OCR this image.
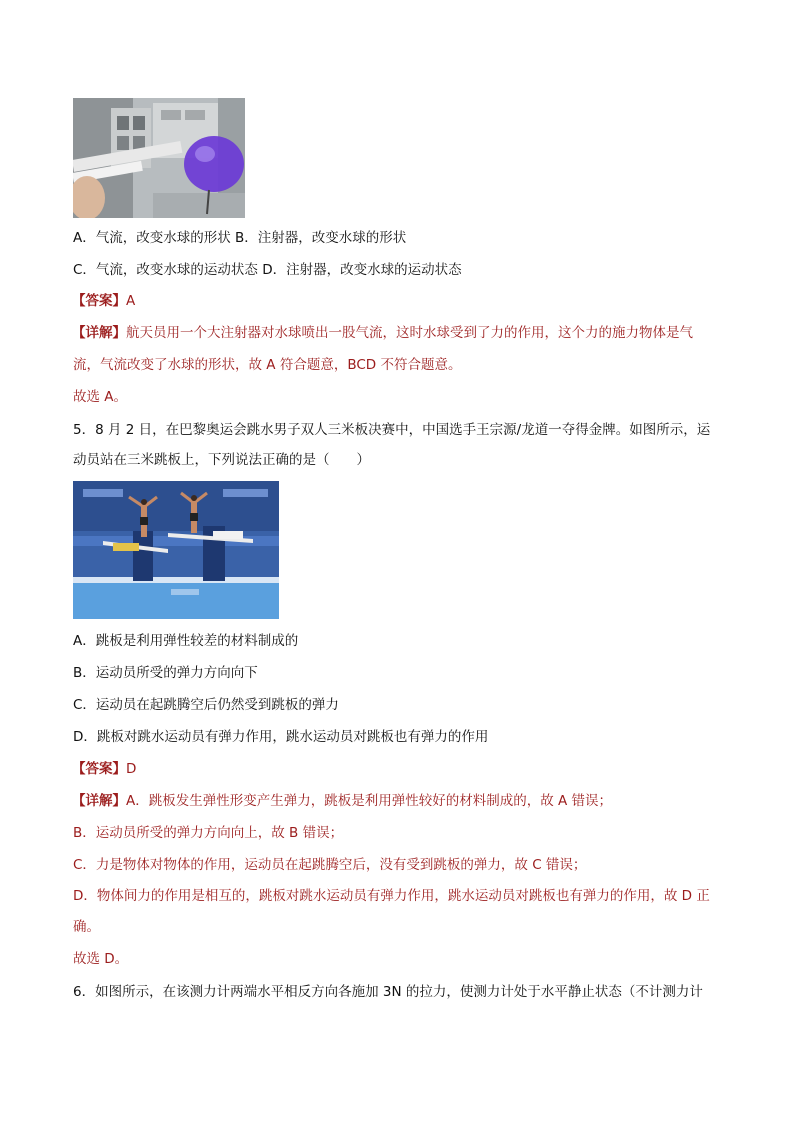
A．气流，改变水球的形状 B．注射器，改变水球的形状
C．气流，改变水球的运动状态 D．注射器，改变水球的运动状态
【答案】A
【详解】航天员用一个大注射器对水球喷出一股气流，这时水球受到了力的作用，这个力的施力物体是气
流，气流改变了水球的形状，故 A 符合题意，BCD 不符合题意。
故选 A。
5．8 月 2 日，在巴黎奥运会跳水男子双人三米板决赛中，中国选手王宗源/龙道一夺得金牌。如图所示，运
动员站在三米跳板上，下列说法正确的是（　　）
A．跳板是利用弹性较差的材料制成的
B．运动员所受的弹力方向向下
C．运动员在起跳腾空后仍然受到跳板的弹力
D．跳板对跳水运动员有弹力作用，跳水运动员对跳板也有弹力的作用
【答案】D
【详解】A．跳板发生弹性形变产生弹力，跳板是利用弹性较好的材料制成的，故 A 错误；
B．运动员所受的弹力方向向上，故 B 错误；
C．力是物体对物体的作用，运动员在起跳腾空后，没有受到跳板的弹力，故 C 错误；
D．物体间力的作用是相互的，跳板对跳水运动员有弹力作用，跳水运动员对跳板也有弹力的作用，故 D 正
确。
故选 D。
6．如图所示，在该测力计两端水平相反方向各施加 3N 的拉力，使测力计处于水平静止状态（不计测力计
